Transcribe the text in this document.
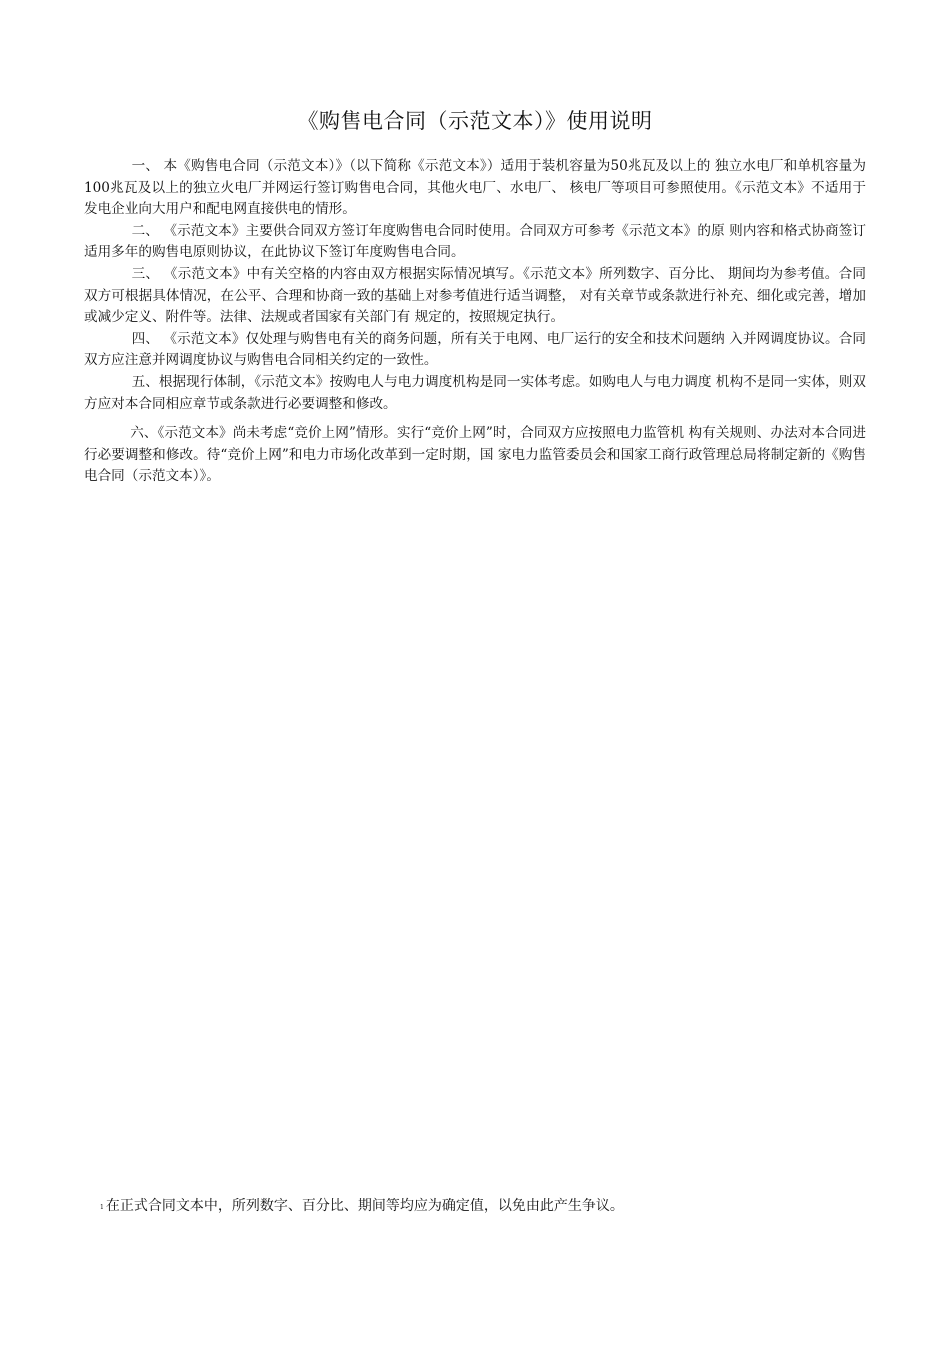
《购售电合同（示范文本）》使用说明

一、 本《购售电合同（示范文本）》（以下简称《示范文本》）适用于装机容量为50兆瓦及以上的 独立水电厂和单机容量为100兆瓦及以上的独立火电厂并网运行签订购售电合同，其他火电厂、水电厂、 核电厂等项目可参照使用。《示范文本》不适用于发电企业向大用户和配电网直接供电的情形。

二、 《示范文本》主要供合同双方签订年度购售电合同时使用。合同双方可参考《示范文本》的原 则内容和格式协商签订适用多年的购售电原则协议，在此协议下签订年度购售电合同。

三、 《示范文本》中有关空格的内容由双方根据实际情况填写。《示范文本》所列数字、百分比、 期间均为参考值。合同双方可根据具体情况，在公平、合理和协商一致的基础上对参考值进行适当调整， 对有关章节或条款进行补充、细化或完善，增加或减少定义、附件等。法律、法规或者国家有关部门有 规定的，按照规定执行。

四、 《示范文本》仅处理与购售电有关的商务问题，所有关于电网、电厂运行的安全和技术问题纳 入并网调度协议。合同双方应注意并网调度协议与购售电合同相关约定的一致性。

五、根据现行体制，《示范文本》按购电人与电力调度机构是同一实体考虑。如购电人与电力调度 机构不是同一实体，则双方应对本合同相应章节或条款进行必要调整和修改。

六、《示范文本》尚未考虑“竞价上网”情形。实行“竞价上网”时，合同双方应按照电力监管机 构有关规则、办法对本合同进行必要调整和修改。待“竞价上网”和电力市场化改革到一定时期，国 家电力监管委员会和国家工商行政管理总局将制定新的《购售电合同（示范文本）》。

1 在正式合同文本中，所列数字、百分比、期间等均应为确定值，以免由此产生争议。
